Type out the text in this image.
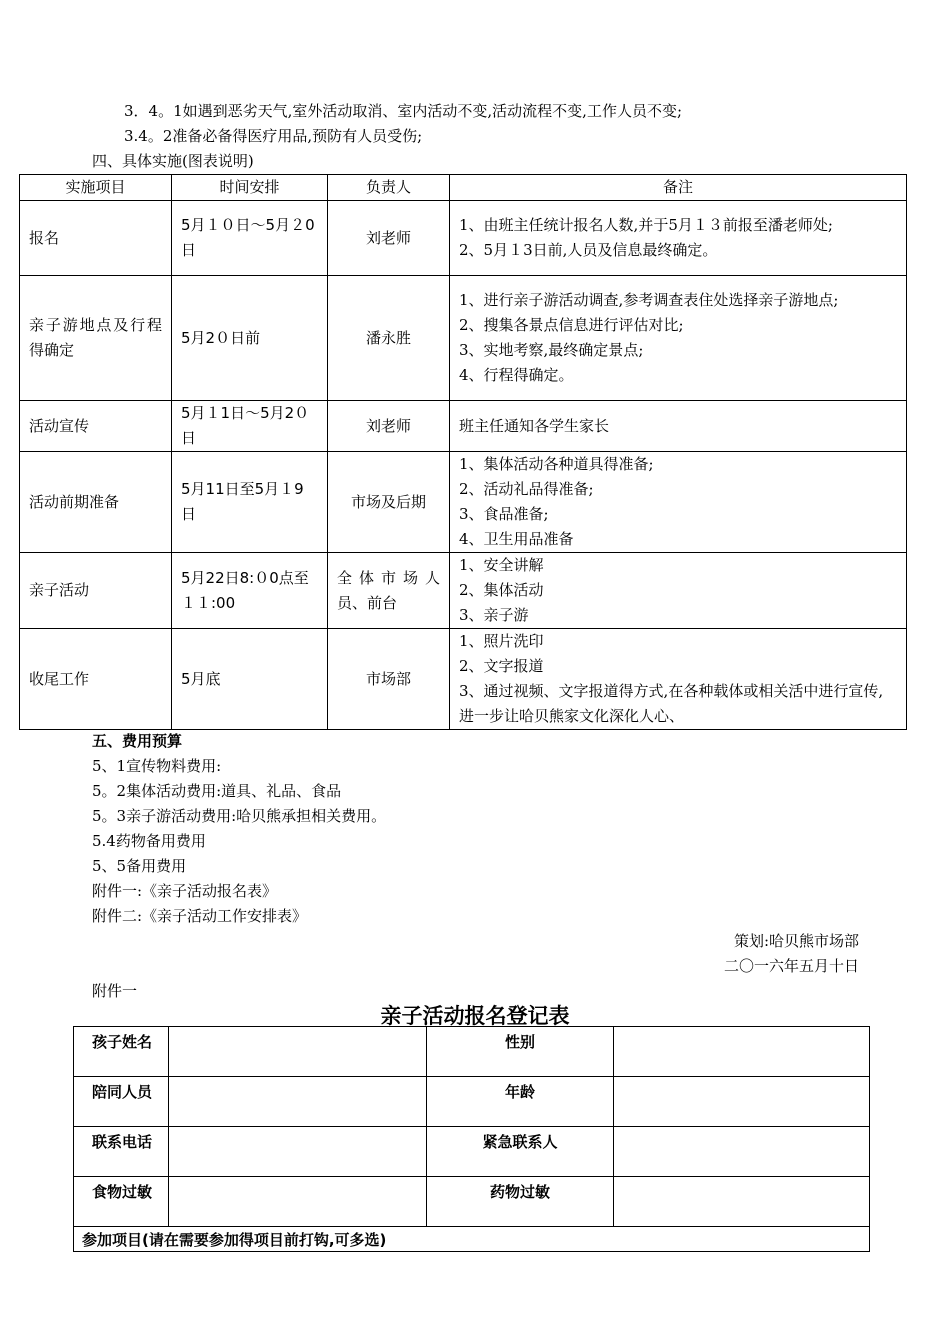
3．4。1如遇到恶劣天气,室外活动取消、室内活动不变,活动流程不变,工作人员不变;
3.4。2准备必备得医疗用品,预防有人员受伤;
四、具体实施(图表说明)
实施项目	时间安排	负责人	备注
报名	5月１０日～5月２0日	刘老师	1、由班主任统计报名人数,并于5月１３前报至潘老师处;
2、5月１3日前,人员及信息最终确定。

亲子游地点及行程得确定	5月2０日前	潘永胜	1、进行亲子游活动调查,参考调查表住处选择亲子游地点;
2、搜集各景点信息进行评估对比;
3、实地考察,最终确定景点;
4、行程得确定。

活动宣传	5月１1日～5月2０日	刘老师	班主任通知各学生家长

活动前期准备	5月11日至5月１9日	市场及后期	1、集体活动各种道具得准备;
2、活动礼品得准备;
3、食品准备;
4、卫生用品准备

亲子活动	5月22日8:０0点至１１:00	全体市场人员、前台	1、安全讲解
2、集体活动
3、亲子游

收尾工作	5月底	市场部	1、照片洗印
2、文字报道
3、通过视频、文字报道得方式,在各种载体或相关活中进行宣传,进一步让哈贝熊家文化深化人心、
五、费用预算
5、1宣传物料费用:
5。2集体活动费用:道具、礼品、食品
5。3亲子游活动费用:哈贝熊承担相关费用。
5.4药物备用费用
5、5备用费用
附件一:《亲子活动报名表》
附件二:《亲子活动工作安排表》
策划:哈贝熊市场部
二〇一六年五月十日
附件一
亲子活动报名登记表
孩子姓名		性别	
陪同人员		年龄	
联系电话		紧急联系人	
食物过敏		药物过敏	
参加项目(请在需要参加得项目前打钩,可多选)			
